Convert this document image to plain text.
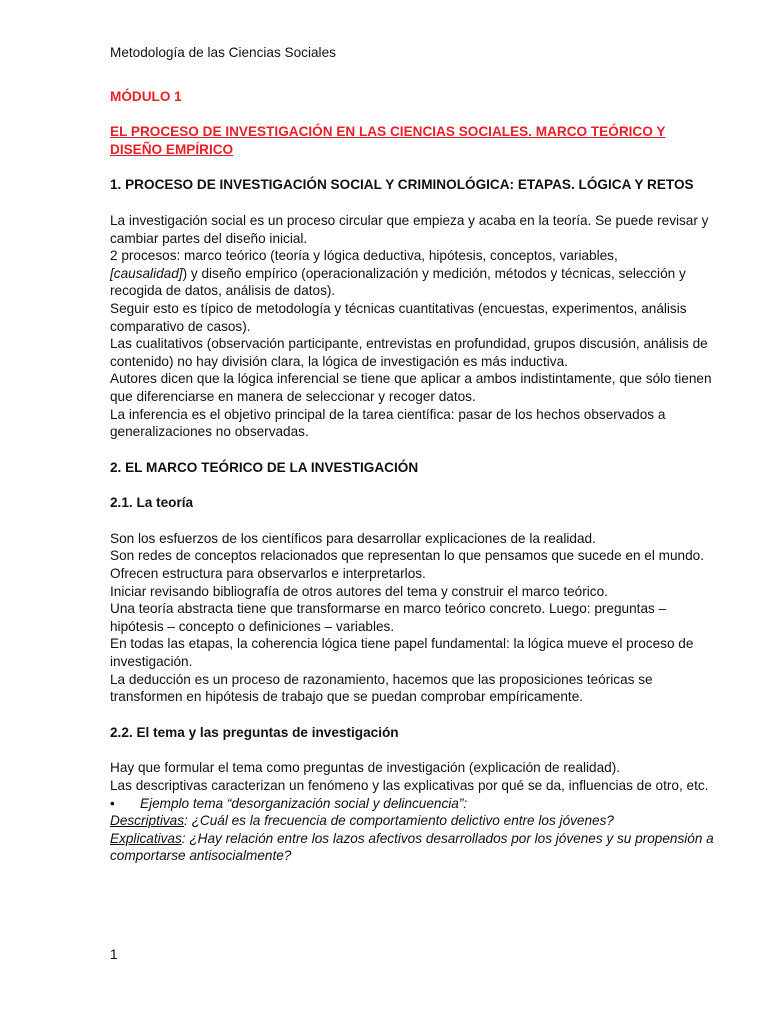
Metodología de las Ciencias Sociales
MÓDULO 1
EL PROCESO DE INVESTIGACIÓN EN LAS CIENCIAS SOCIALES. MARCO TEÓRICO Y DISEÑO EMPÍRICO
1. PROCESO DE INVESTIGACIÓN SOCIAL Y CRIMINOLÓGICA: ETAPAS. LÓGICA Y RETOS

La investigación social es un proceso circular que empieza y acaba en la teoría. Se puede revisar y cambiar partes del diseño inicial.

2 procesos: marco teórico (teoría y lógica deductiva, hipótesis, conceptos, variables,
[causalidad]) y diseño empírico (operacionalización y medición, métodos y técnicas, selección y recogida de datos, análisis de datos).

Seguir esto es típico de metodología y técnicas cuantitativas (encuestas, experimentos, análisis comparativo de casos).

Las cualitativos (observación participante, entrevistas en profundidad, grupos discusión, análisis de contenido) no hay división clara, la lógica de investigación es más inductiva.

Autores dicen que la lógica inferencial se tiene que aplicar a ambos indistintamente, que sólo tienen que diferenciarse en manera de seleccionar y recoger datos.

La inferencia es el objetivo principal de la tarea científica: pasar de los hechos observados a generalizaciones no observadas.

2. EL MARCO TEÓRICO DE LA INVESTIGACIÓN
2.1. La teoría

Son los esfuerzos de los científicos para desarrollar explicaciones de la realidad.

Son redes de conceptos relacionados que representan lo que pensamos que sucede en el mundo. Ofrecen estructura para observarlos e interpretarlos.

Iniciar revisando bibliografía de otros autores del tema y construir el marco teórico.

Una teoría abstracta tiene que transformarse en marco teórico concreto. Luego: preguntas – hipótesis – concepto o definiciones – variables.

En todas las etapas, la coherencia lógica tiene papel fundamental: la lógica mueve el proceso de investigación.

La deducción es un proceso de razonamiento, hacemos que las proposiciones teóricas se transformen en hipótesis de trabajo que se puedan comprobar empíricamente.

2.2. El tema y las preguntas de investigación

Hay que formular el tema como preguntas de investigación (explicación de realidad).

Las descriptivas caracterizan un fenómeno y las explicativas por qué se da, influencias de otro, etc.

•	Ejemplo tema “desorganización social y delincuencia”:

Descriptivas: ¿Cuál es la frecuencia de comportamiento delictivo entre los jóvenes?

Explicativas: ¿Hay relación entre los lazos afectivos desarrollados por los jóvenes y su propensión a comportarse antisocialmente?

1
